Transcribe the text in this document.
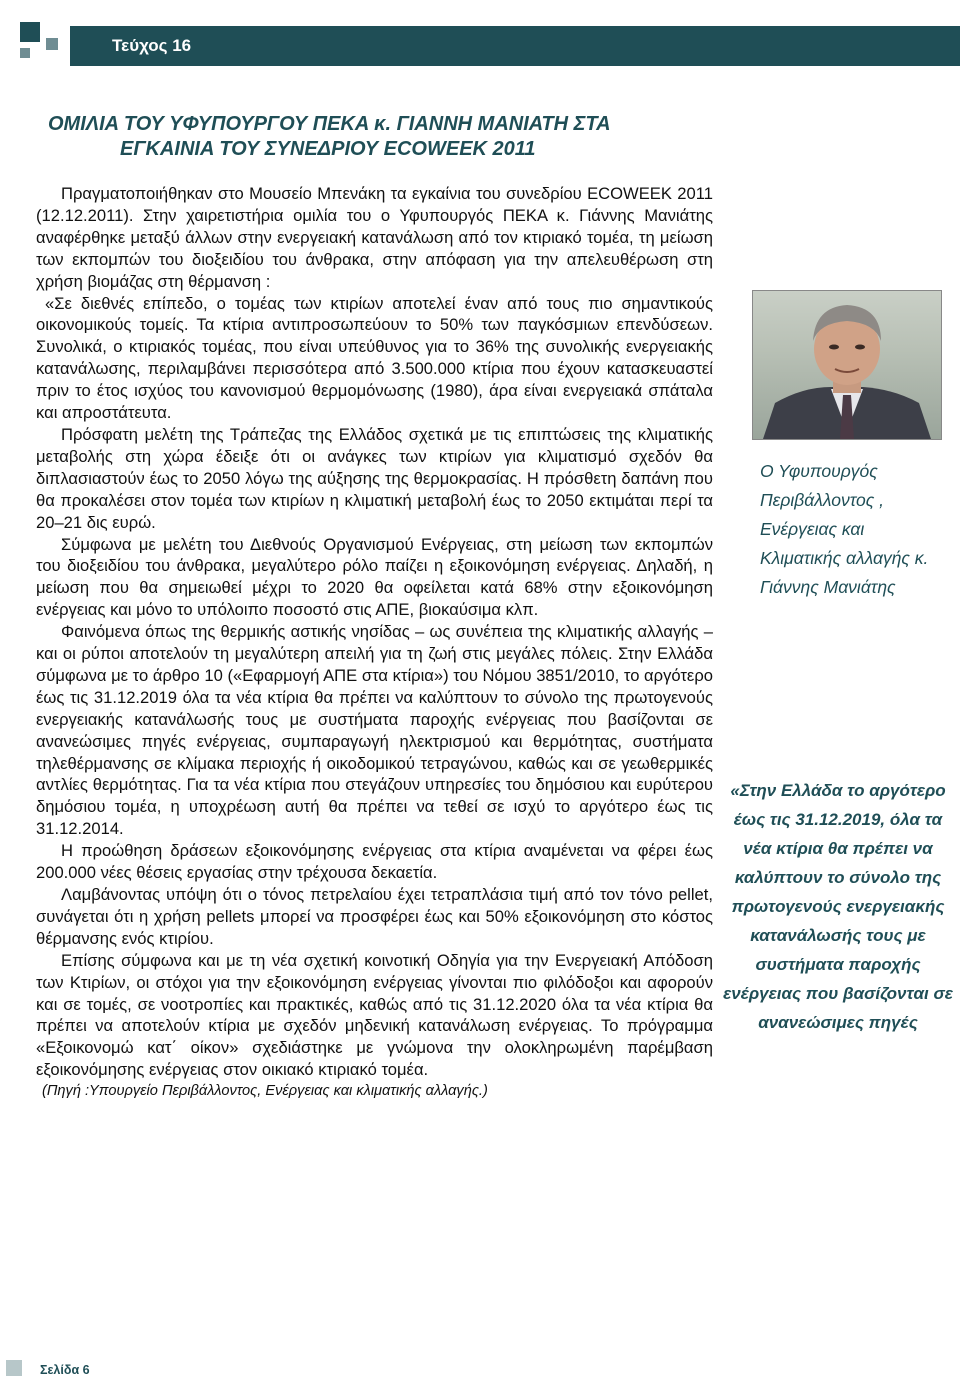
Τεύχος 16
ΟΜΙΛΙΑ ΤΟΥ ΥΦΥΠΟΥΡΓΟΥ ΠΕΚΑ κ. ΓΙΑΝΝΗ ΜΑΝΙΑΤΗ ΣΤΑ
ΕΓΚΑΙΝΙΑ ΤΟΥ ΣΥΝΕΔΡΙΟΥ ECOWEEK 2011

Πραγματοποιήθηκαν στο Μουσείο Μπενάκη τα εγκαίνια του συνεδρίου ECOWEEK 2011 (12.12.2011). Στην χαιρετιστήρια ομιλία του ο Υφυπουργός ΠΕΚΑ κ. Γιάννης Μανιάτης αναφέρθηκε μεταξύ άλλων στην ενεργειακή κατανάλωση από τον κτιριακό τομέα, τη μείωση των εκπομπών του διοξειδίου του άνθρακα, στην απόφαση για την απελευθέρωση στη χρήση βιομάζας στη θέρμανση :

«Σε διεθνές επίπεδο, ο τομέας των κτιρίων αποτελεί έναν από τους πιο σημαντικούς οικονομικούς τομείς. Τα κτίρια αντιπροσωπεύουν το 50% των παγκόσμιων επενδύσεων. Συνολικά, ο κτιριακός τομέας, που είναι υπεύθυνος για το 36% της συνολικής ενεργειακής κατανάλωσης, περιλαμβάνει περισσότερα από 3.500.000 κτίρια που έχουν κατασκευαστεί πριν το έτος ισχύος του κανονισμού θερμομόνωσης (1980), άρα είναι ενεργειακά σπάταλα και απροστάτευτα.

Πρόσφατη μελέτη της Τράπεζας της Ελλάδος σχετικά με τις επιπτώσεις της κλιματικής μεταβολής στη χώρα έδειξε ότι οι ανάγκες των κτιρίων για κλιματισμό σχεδόν θα διπλασιαστούν έως το 2050 λόγω της αύξησης της θερμοκρασίας. Η πρόσθετη δαπάνη που θα προκαλέσει στον τομέα των κτιρίων η κλιματική μεταβολή έως το 2050 εκτιμάται περί τα 20–21 δις ευρώ.

Σύμφωνα με μελέτη του Διεθνούς Οργανισμού Ενέργειας, στη μείωση των εκπομπών του διοξειδίου του άνθρακα, μεγαλύτερο ρόλο παίζει η εξοικονόμηση ενέργειας. Δηλαδή, η μείωση που θα σημειωθεί μέχρι το 2020 θα οφείλεται κατά 68% στην εξοικονόμηση ενέργειας και μόνο το υπόλοιπο ποσοστό στις ΑΠΕ, βιοκαύσιμα κλπ.

Φαινόμενα όπως της θερμικής αστικής νησίδας – ως συνέπεια της κλιματικής αλλαγής – και οι ρύποι αποτελούν τη μεγαλύτερη απειλή για τη ζωή στις μεγάλες πόλεις. Στην Ελλάδα σύμφωνα με το άρθρο 10 («Εφαρμογή ΑΠΕ στα κτίρια») του Νόμου 3851/2010, το αργότερο έως τις 31.12.2019 όλα τα νέα κτίρια θα πρέπει να καλύπτουν το σύνολο της πρωτογενούς ενεργειακής κατανάλωσής τους με συστήματα παροχής ενέργειας που βασίζονται σε ανανεώσιμες πηγές ενέργειας, συμπαραγωγή ηλεκτρισμού και θερμότητας, συστήματα τηλεθέρμανσης σε κλίμακα περιοχής ή οικοδομικού τετραγώνου, καθώς και σε γεωθερμικές αντλίες θερμότητας. Για τα νέα κτίρια που στεγάζουν υπηρεσίες του δημόσιου και ευρύτερου δημόσιου τομέα, η υποχρέωση αυτή θα πρέπει να τεθεί σε ισχύ το αργότερο έως τις 31.12.2014.

Η προώθηση δράσεων εξοικονόμησης ενέργειας στα κτίρια αναμένεται να φέρει έως 200.000 νέες θέσεις εργασίας στην τρέχουσα δεκαετία.

Λαμβάνοντας υπόψη ότι ο τόνος πετρελαίου έχει τετραπλάσια τιμή από τον τόνο pellet, συνάγεται ότι η χρήση pellets μπορεί να προσφέρει έως και 50% εξοικονόμηση στο κόστος θέρμανσης ενός κτιρίου.

Επίσης σύμφωνα και με τη νέα σχετική κοινοτική Οδηγία για την Ενεργειακή Απόδοση των Κτιρίων, οι στόχοι για την εξοικονόμηση ενέργειας γίνονται πιο φιλόδοξοι και αφορούν και σε τομές, σε νοοτροπίες και πρακτικές, καθώς από τις 31.12.2020 όλα τα νέα κτίρια θα πρέπει να αποτελούν κτίρια με σχεδόν μηδενική κατανάλωση ενέργειας. Το πρόγραμμα «Εξοικονομώ κατ΄ οίκον» σχεδιάστηκε με γνώμονα την ολοκληρωμένη παρέμβαση εξοικονόμησης ενέργειας στον οικιακό κτιριακό τομέα.

(Πηγή :Υπουργείο Περιβάλλοντος, Ενέργειας και κλιματικής αλλαγής.)

Ο Υφυπουργός Περιβάλλοντος , Ενέργειας και Κλιματικής αλλαγής κ. Γιάννης Μανιάτης
«Στην Ελλάδα το αργότερο έως τις 31.12.2019, όλα τα νέα κτίρια θα πρέπει να καλύπτουν το σύνολο της πρωτογενούς ενεργειακής κατανάλωσής τους με συστήματα παροχής ενέργειας που βασίζονται σε ανανεώσιμες πηγές
Σελίδα 6
